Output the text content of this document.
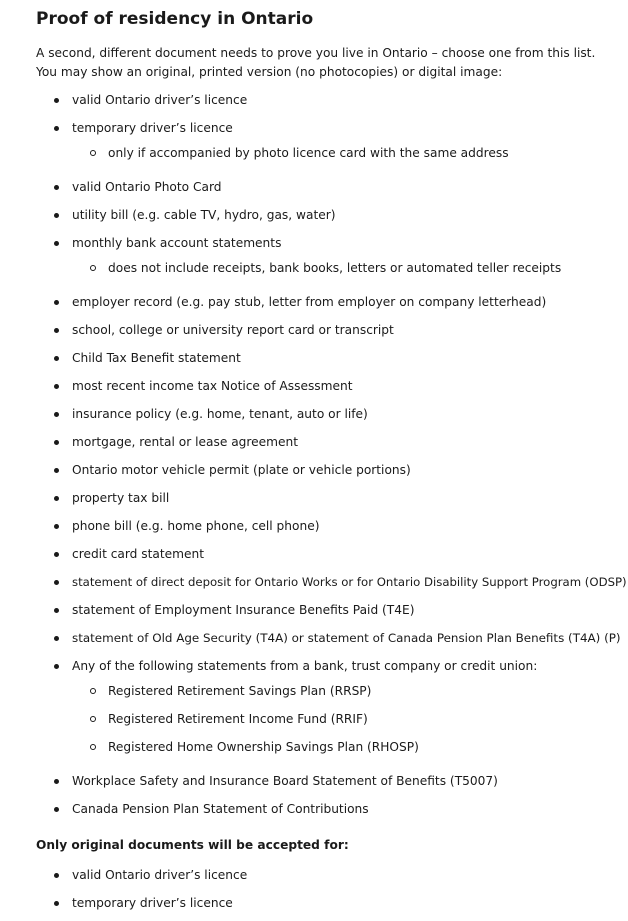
Proof of residency in Ontario

A second, different document needs to prove you live in Ontario – choose one from this list. You may show an original, printed version (no photocopies) or digital image:

valid Ontario driver’s licence
temporary driver’s licence
only if accompanied by photo licence card with the same address
valid Ontario Photo Card
utility bill (e.g. cable TV, hydro, gas, water)
monthly bank account statements
does not include receipts, bank books, letters or automated teller receipts
employer record (e.g. pay stub, letter from employer on company letterhead)
school, college or university report card or transcript
Child Tax Benefit statement
most recent income tax Notice of Assessment
insurance policy (e.g. home, tenant, auto or life)
mortgage, rental or lease agreement
Ontario motor vehicle permit (plate or vehicle portions)
property tax bill
phone bill (e.g. home phone, cell phone)
credit card statement
statement of direct deposit for Ontario Works or for Ontario Disability Support Program (ODSP)
statement of Employment Insurance Benefits Paid (T4E)
statement of Old Age Security (T4A) or statement of Canada Pension Plan Benefits (T4A) (P)
Any of the following statements from a bank, trust company or credit union:
Registered Retirement Savings Plan (RRSP)
Registered Retirement Income Fund (RRIF)
Registered Home Ownership Savings Plan (RHOSP)
Workplace Safety and Insurance Board Statement of Benefits (T5007)
Canada Pension Plan Statement of Contributions
Only original documents will be accepted for:
valid Ontario driver’s licence
temporary driver’s licence
